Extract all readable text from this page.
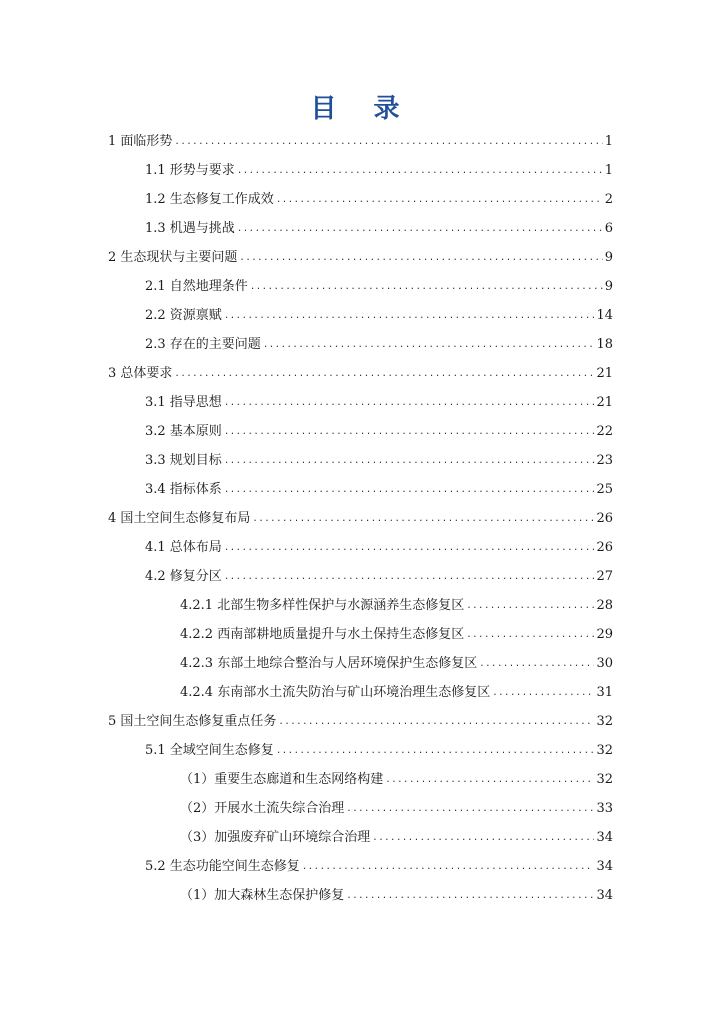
目 录
1 面临形势 .....	1
1.1 形势与要求 .....	1
1.2 生态修复工作成效 .....	2
1.3 机遇与挑战 .....	6
2 生态现状与主要问题 .....	9
2.1 自然地理条件 .....	9
2.2 资源禀赋 .....	14
2.3 存在的主要问题 .....	18
3 总体要求 .....	21
3.1 指导思想 .....	21
3.2 基本原则 .....	22
3.3 规划目标 .....	23
3.4 指标体系 .....	25
4 国土空间生态修复布局 .....	26
4.1 总体布局 .....	26
4.2 修复分区 .....	27
4.2.1 北部生物多样性保护与水源涵养生态修复区 .....	28
4.2.2 西南部耕地质量提升与水土保持生态修复区 .....	29
4.2.3 东部土地综合整治与人居环境保护生态修复区 .....	30
4.2.4 东南部水土流失防治与矿山环境治理生态修复区 .....	31
5 国土空间生态修复重点任务 .....	32
5.1 全域空间生态修复 .....	32
（1）重要生态廊道和生态网络构建 .....	32
（2）开展水土流失综合治理 .....	33
（3）加强废弃矿山环境综合治理 .....	34
5.2 生态功能空间生态修复 .....	34
（1）加大森林生态保护修复 .....	34
